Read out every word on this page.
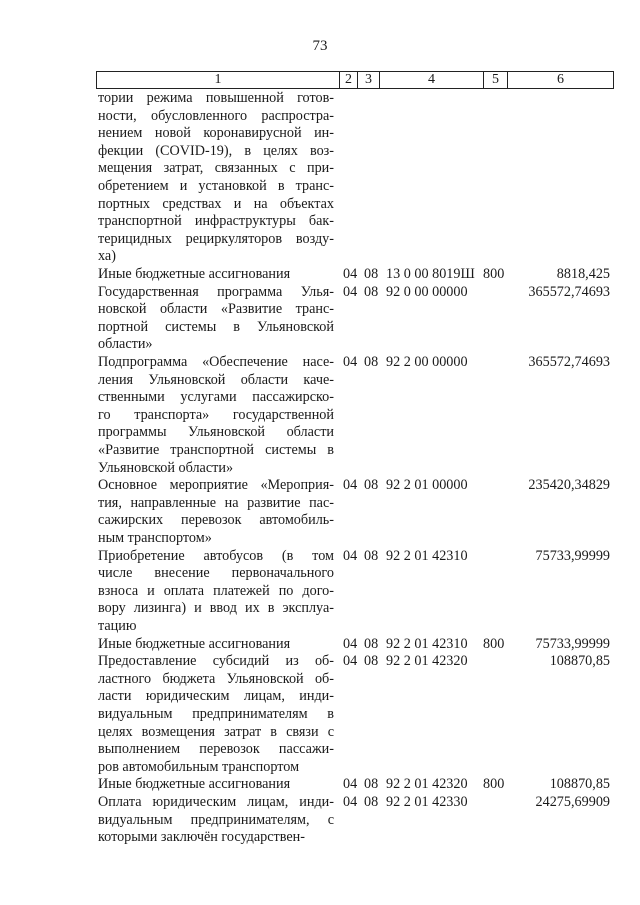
73
1	2 3	4	5	6
тории режима повышенной готов-
ности, обусловленного распростра-
нением новой коронавирусной ин-
фекции (COVID-19), в целях воз-
мещения затрат, связанных с при-
обретением и установкой в транс-
портных средствах и на объектах
транспортной инфраструктуры бак-
терицидных рециркуляторов возду-
ха)
Иные бюджетные ассигнования	04 08 13 0 00 8019Ш 800	8818,425
Государственная программа Улья-
новской области «Развитие транс-
портной системы в Ульяновской
области»
04 08 92 0 00 00000	365572,74693
Подпрограмма «Обеспечение насе-
ления Ульяновской области каче-
ственными услугами пассажирско-
го транспорта» государственной
программы Ульяновской области
«Развитие транспортной системы в
Ульяновской области»
04 08 92 2 00 00000	365572,74693
Основное мероприятие «Мероприя-
тия, направленные на развитие пас-
сажирских перевозок автомобиль-
ным транспортом»
04 08 92 2 01 00000	235420,34829
Приобретение автобусов (в том
числе внесение первоначального
взноса и оплата платежей по дого-
вору лизинга) и ввод их в эксплуа-
тацию
04 08 92 2 01 42310	75733,99999
Иные бюджетные ассигнования	04 08 92 2 01 42310	800 75733,99999
Предоставление субсидий из об-
ластного бюджета Ульяновской об-
ласти юридическим лицам, инди-
видуальным предпринимателям в
целях возмещения затрат в связи с
выполнением перевозок пассажи-
ров автомобильным транспортом
04 08 92 2 01 42320	108870,85
Иные бюджетные ассигнования	04 08 92 2 01 42320	800	108870,85
Оплата юридическим лицам, инди-
видуальным предпринимателям, с
которыми заключён государствен-
04 08 92 2 01 42330	24275,69909
